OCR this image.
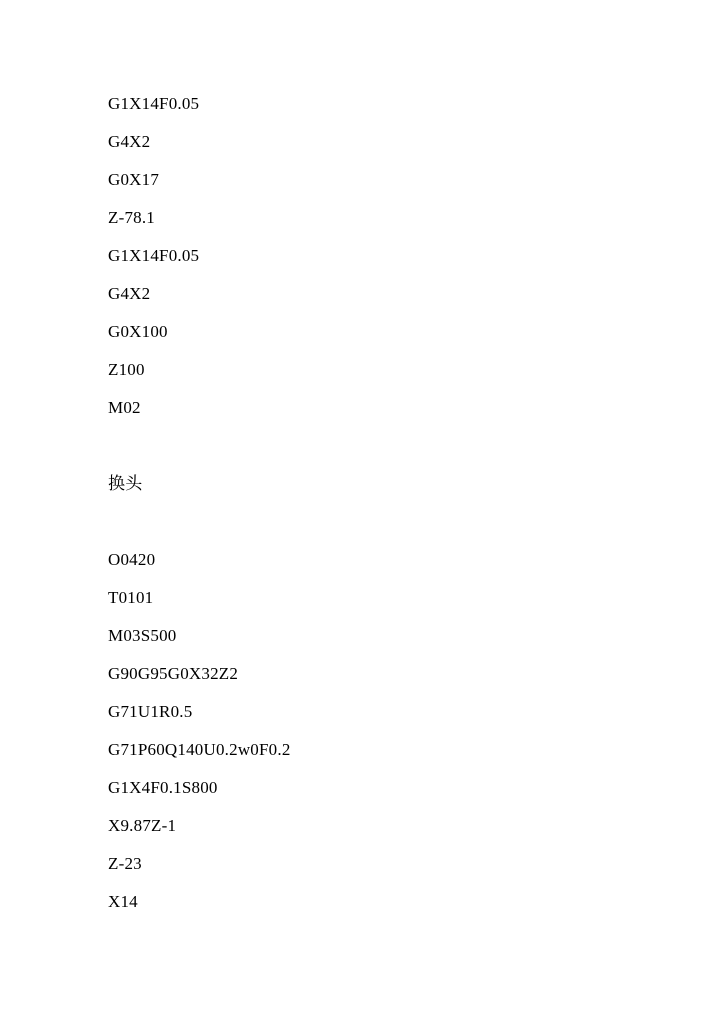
G1X14F0.05
G4X2
G0X17
Z-78.1
G1X14F0.05
G4X2
G0X100
Z100
M02
换头
O0420
T0101
M03S500
G90G95G0X32Z2
G71U1R0.5
G71P60Q140U0.2w0F0.2
G1X4F0.1S800
X9.87Z-1
Z-23
X14
